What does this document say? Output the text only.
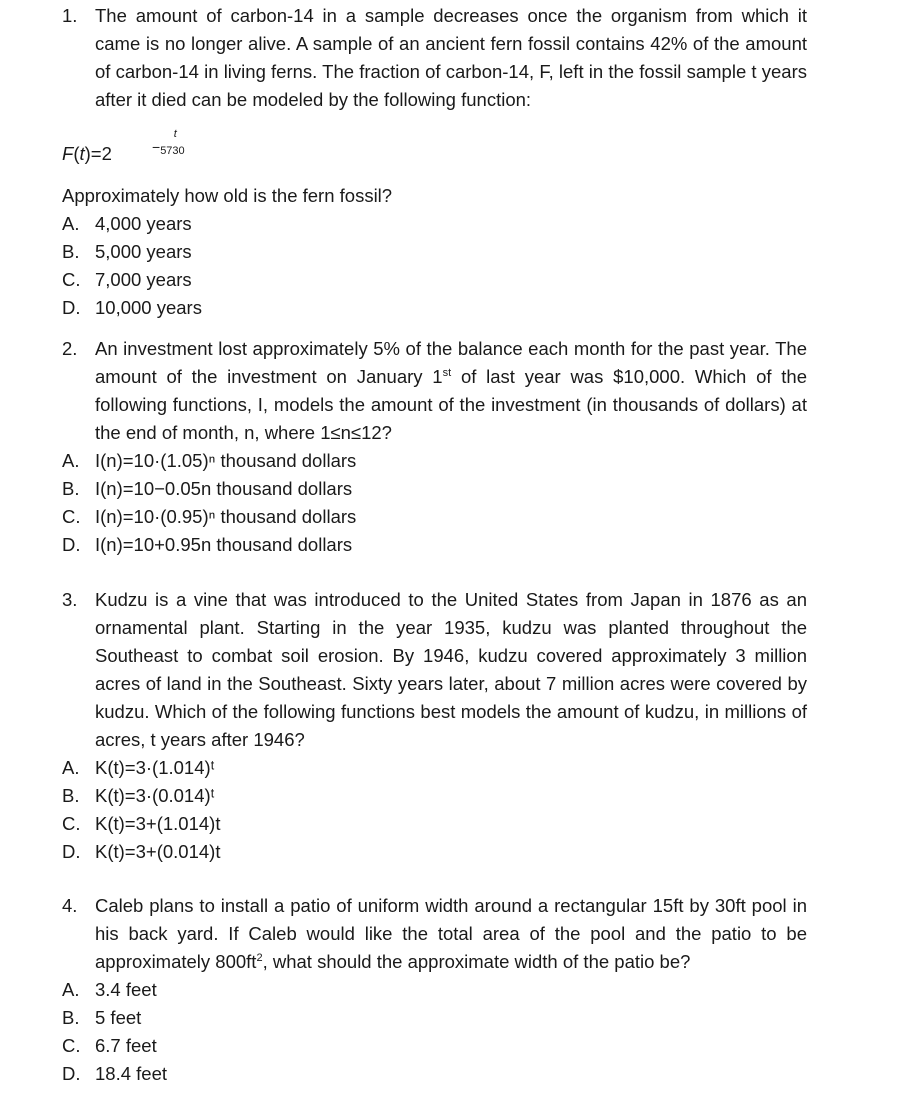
1. The amount of carbon-14 in a sample decreases once the organism from which it came is no longer alive. A sample of an ancient fern fossil contains 42% of the amount of carbon-14 in living ferns. The fraction of carbon-14, F, left in the fossil sample t years after it died can be modeled by the following function:
F(t)=2
t
−5730
Approximately how old is the fern fossil?
A. 4,000 years
B. 5,000 years
C. 7,000 years
D. 10,000 years
2. An investment lost approximately 5% of the balance each month for the past year. The amount of the investment on January 1st of last year was $10,000. Which of the following functions, I, models the amount of the investment (in thousands of dollars) at the end of month, n, where 1≤n≤12?
A. I(n)=10·(1.05)ⁿ thousand dollars
B. I(n)=10−0.05n thousand dollars
C. I(n)=10·(0.95)ⁿ thousand dollars
D. I(n)=10+0.95n thousand dollars
3. Kudzu is a vine that was introduced to the United States from Japan in 1876 as an ornamental plant. Starting in the year 1935, kudzu was planted throughout the Southeast to combat soil erosion. By 1946, kudzu covered approximately 3 million acres of land in the Southeast. Sixty years later, about 7 million acres were covered by kudzu. Which of the following functions best models the amount of kudzu, in millions of acres, t years after 1946?
A. K(t)=3·(1.014)ᵗ
B. K(t)=3·(0.014)ᵗ
C. K(t)=3+(1.014)t
D. K(t)=3+(0.014)t
4. Caleb plans to install a patio of uniform width around a rectangular 15ft by 30ft pool in his back yard. If Caleb would like the total area of the pool and the patio to be approximately $800ft^2$, what should the approximate width of the patio be?
A. 3.4 feet
B. 5 feet
C. 6.7 feet
D. 18.4 feet
